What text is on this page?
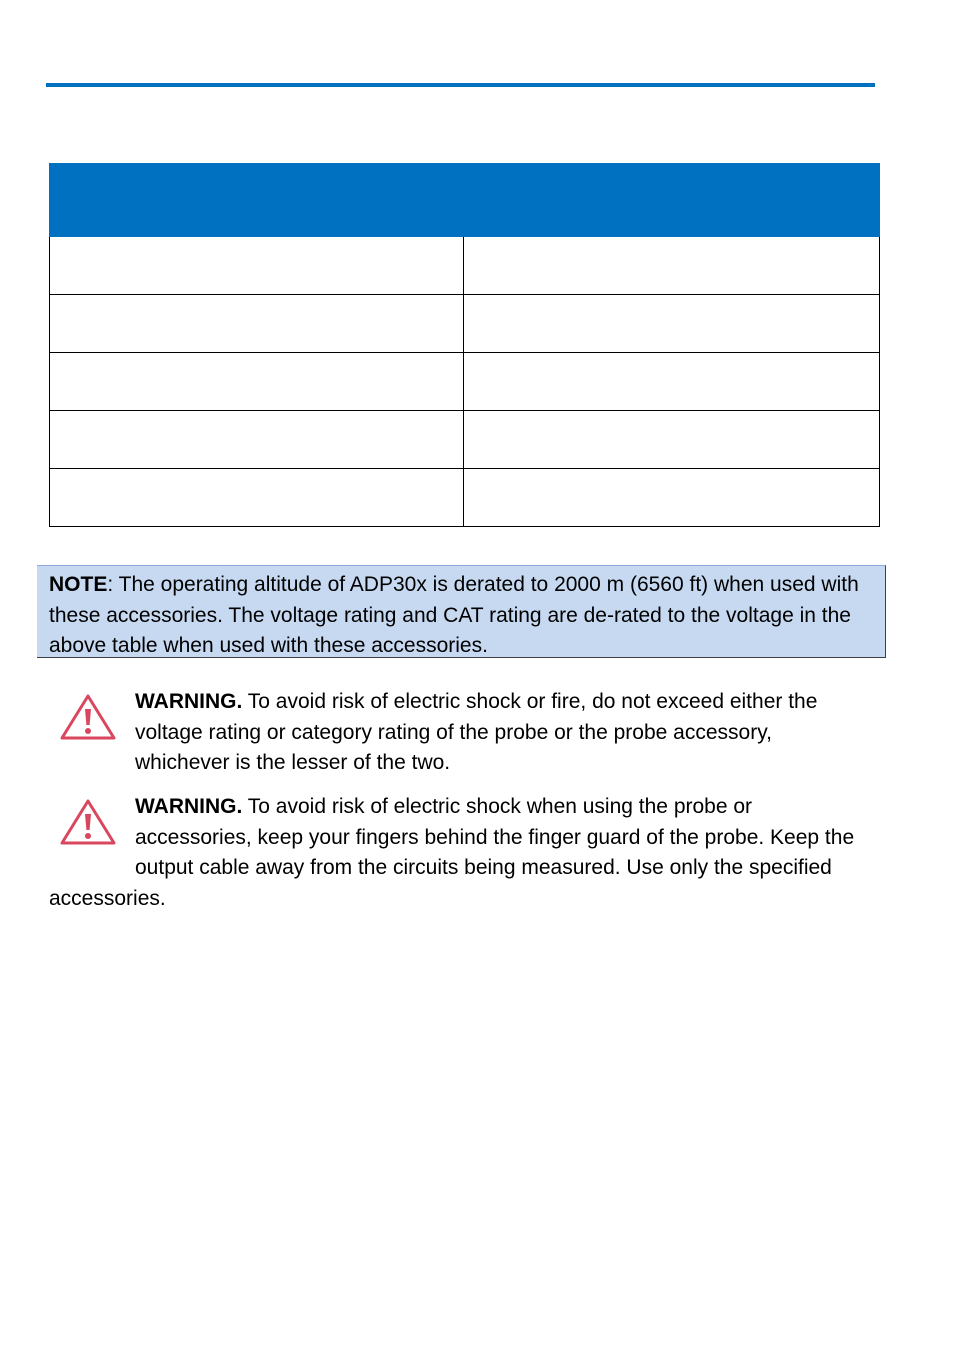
NOTE: The operating altitude of ADP30x is derated to 2000 m (6560 ft) when used with these accessories. The voltage rating and CAT rating are de-rated to the voltage in the above table when used with these accessories.
WARNING. To avoid risk of electric shock or fire, do not exceed either the voltage rating or category rating of the probe or the probe accessory, whichever is the lesser of the two.
WARNING. To avoid risk of electric shock when using the probe or accessories, keep your fingers behind the finger guard of the probe. Keep the output cable away from the circuits being measured. Use only the specified accessories.
